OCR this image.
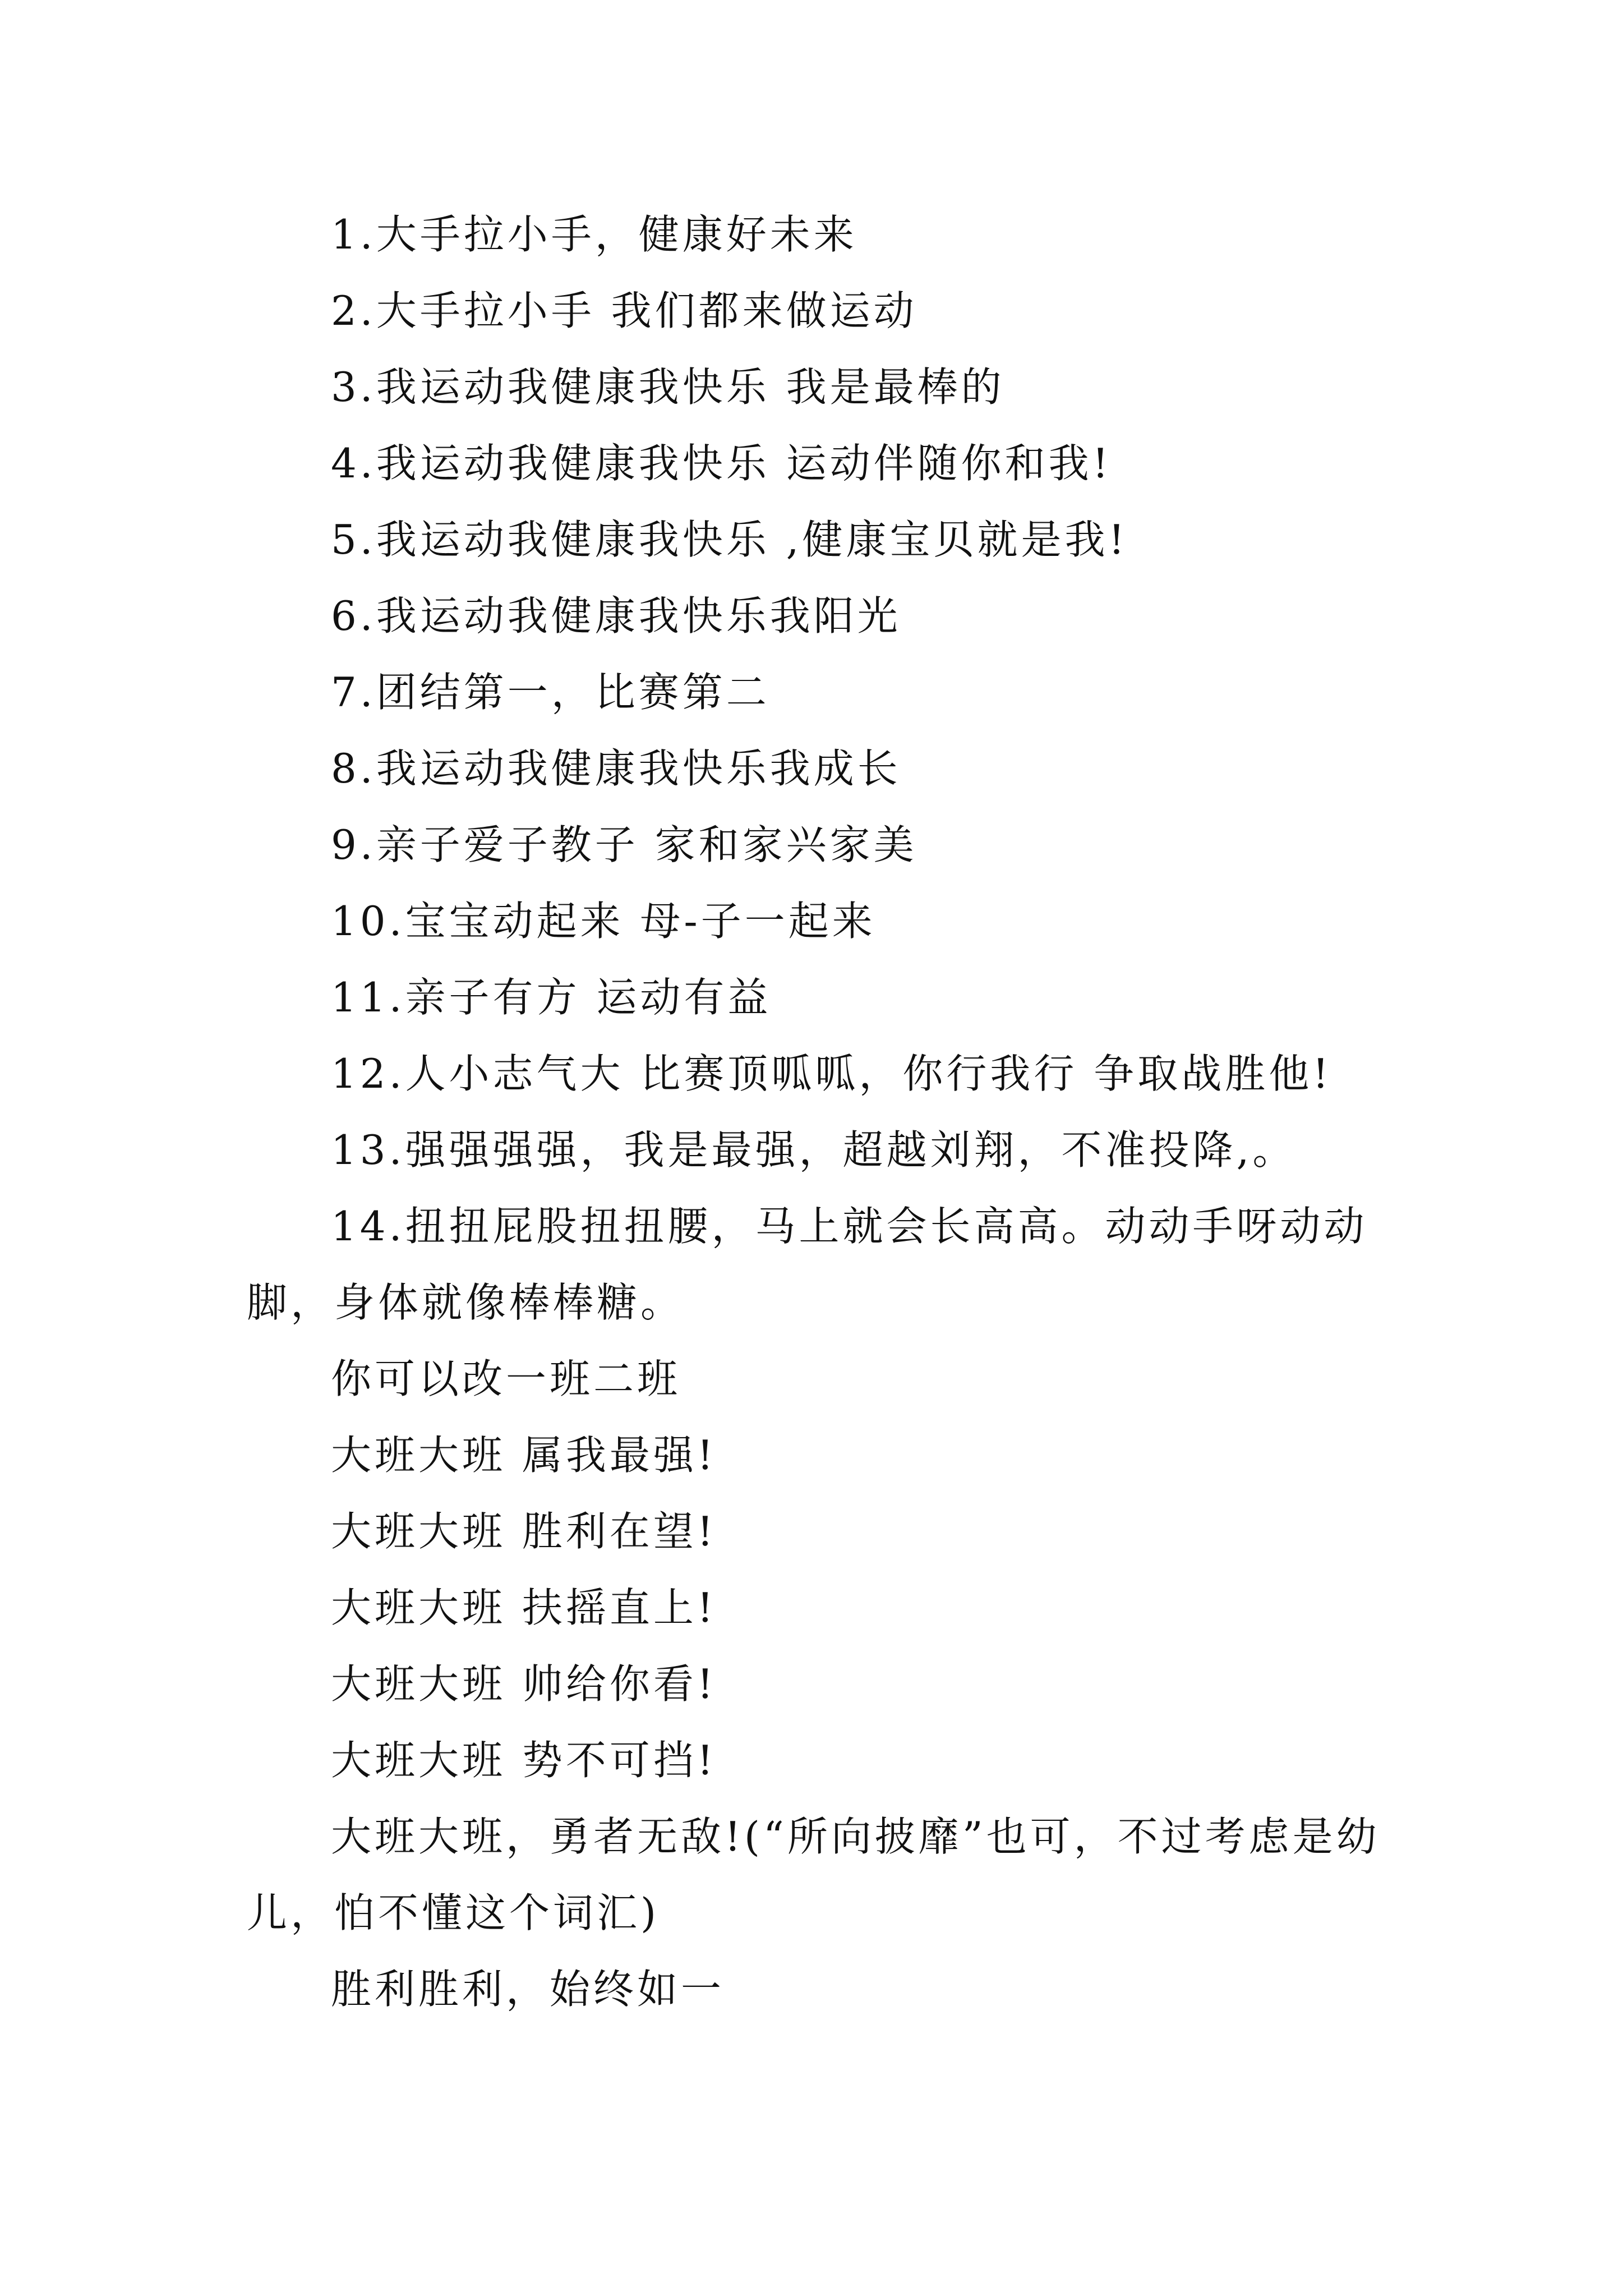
1.大手拉小手，健康好未来

2.大手拉小手 我们都来做运动

3.我运动我健康我快乐 我是最棒的

4.我运动我健康我快乐 运动伴随你和我!

5.我运动我健康我快乐 ,健康宝贝就是我!

6.我运动我健康我快乐我阳光

7.团结第一，比赛第二

8.我运动我健康我快乐我成长

9.亲子爱子教子 家和家兴家美

10.宝宝动起来 母-子一起来

11.亲子有方 运动有益

12.人小志气大 比赛顶呱呱，你行我行 争取战胜他!

13.强强强强，我是最强，超越刘翔，不准投降,。

14.扭扭屁股扭扭腰，马上就会长高高。动动手呀动动脚，身体就像棒棒糖。

你可以改一班二班

大班大班 属我最强!

大班大班 胜利在望!

大班大班 扶摇直上!

大班大班 帅给你看!

大班大班 势不可挡!

大班大班，勇者无敌!(“所向披靡”也可，不过考虑是幼儿，怕不懂这个词汇)

胜利胜利，始终如一
